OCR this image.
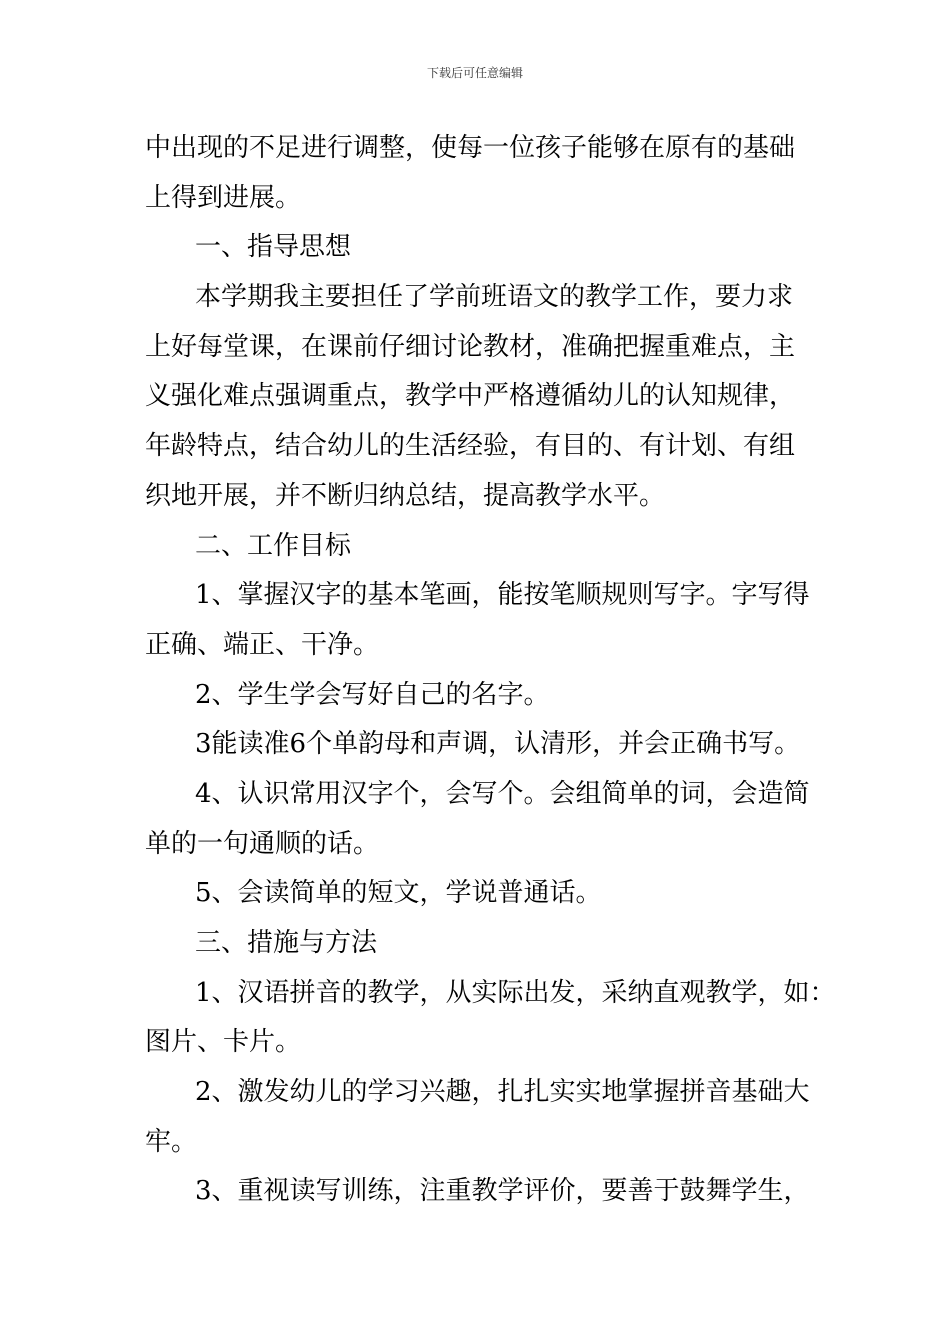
下载后可任意编辑
中出现的不足进行调整，使每一位孩子能够在原有的基础
上得到进展。
一、指导思想
本学期我主要担任了学前班语文的教学工作，要力求
上好每堂课，在课前仔细讨论教材，准确把握重难点，主
义强化难点强调重点，教学中严格遵循幼儿的认知规律，
年龄特点，结合幼儿的生活经验，有目的、有计划、有组
织地开展，并不断归纳总结，提高教学水平。
二、工作目标
1、掌握汉字的基本笔画，能按笔顺规则写字。字写得
正确、端正、干净。
2、学生学会写好自己的名字。
3能读准6个单韵母和声调，认清形，并会正确书写。
4、认识常用汉字个，会写个。会组简单的词，会造简
单的一句通顺的话。
5、会读简单的短文，学说普通话。
三、措施与方法
1、汉语拼音的教学，从实际出发，采纳直观教学，如：
图片、卡片。
2、激发幼儿的学习兴趣，扎扎实实地掌握拼音基础大
牢。
3、重视读写训练，注重教学评价，要善于鼓舞学生，
